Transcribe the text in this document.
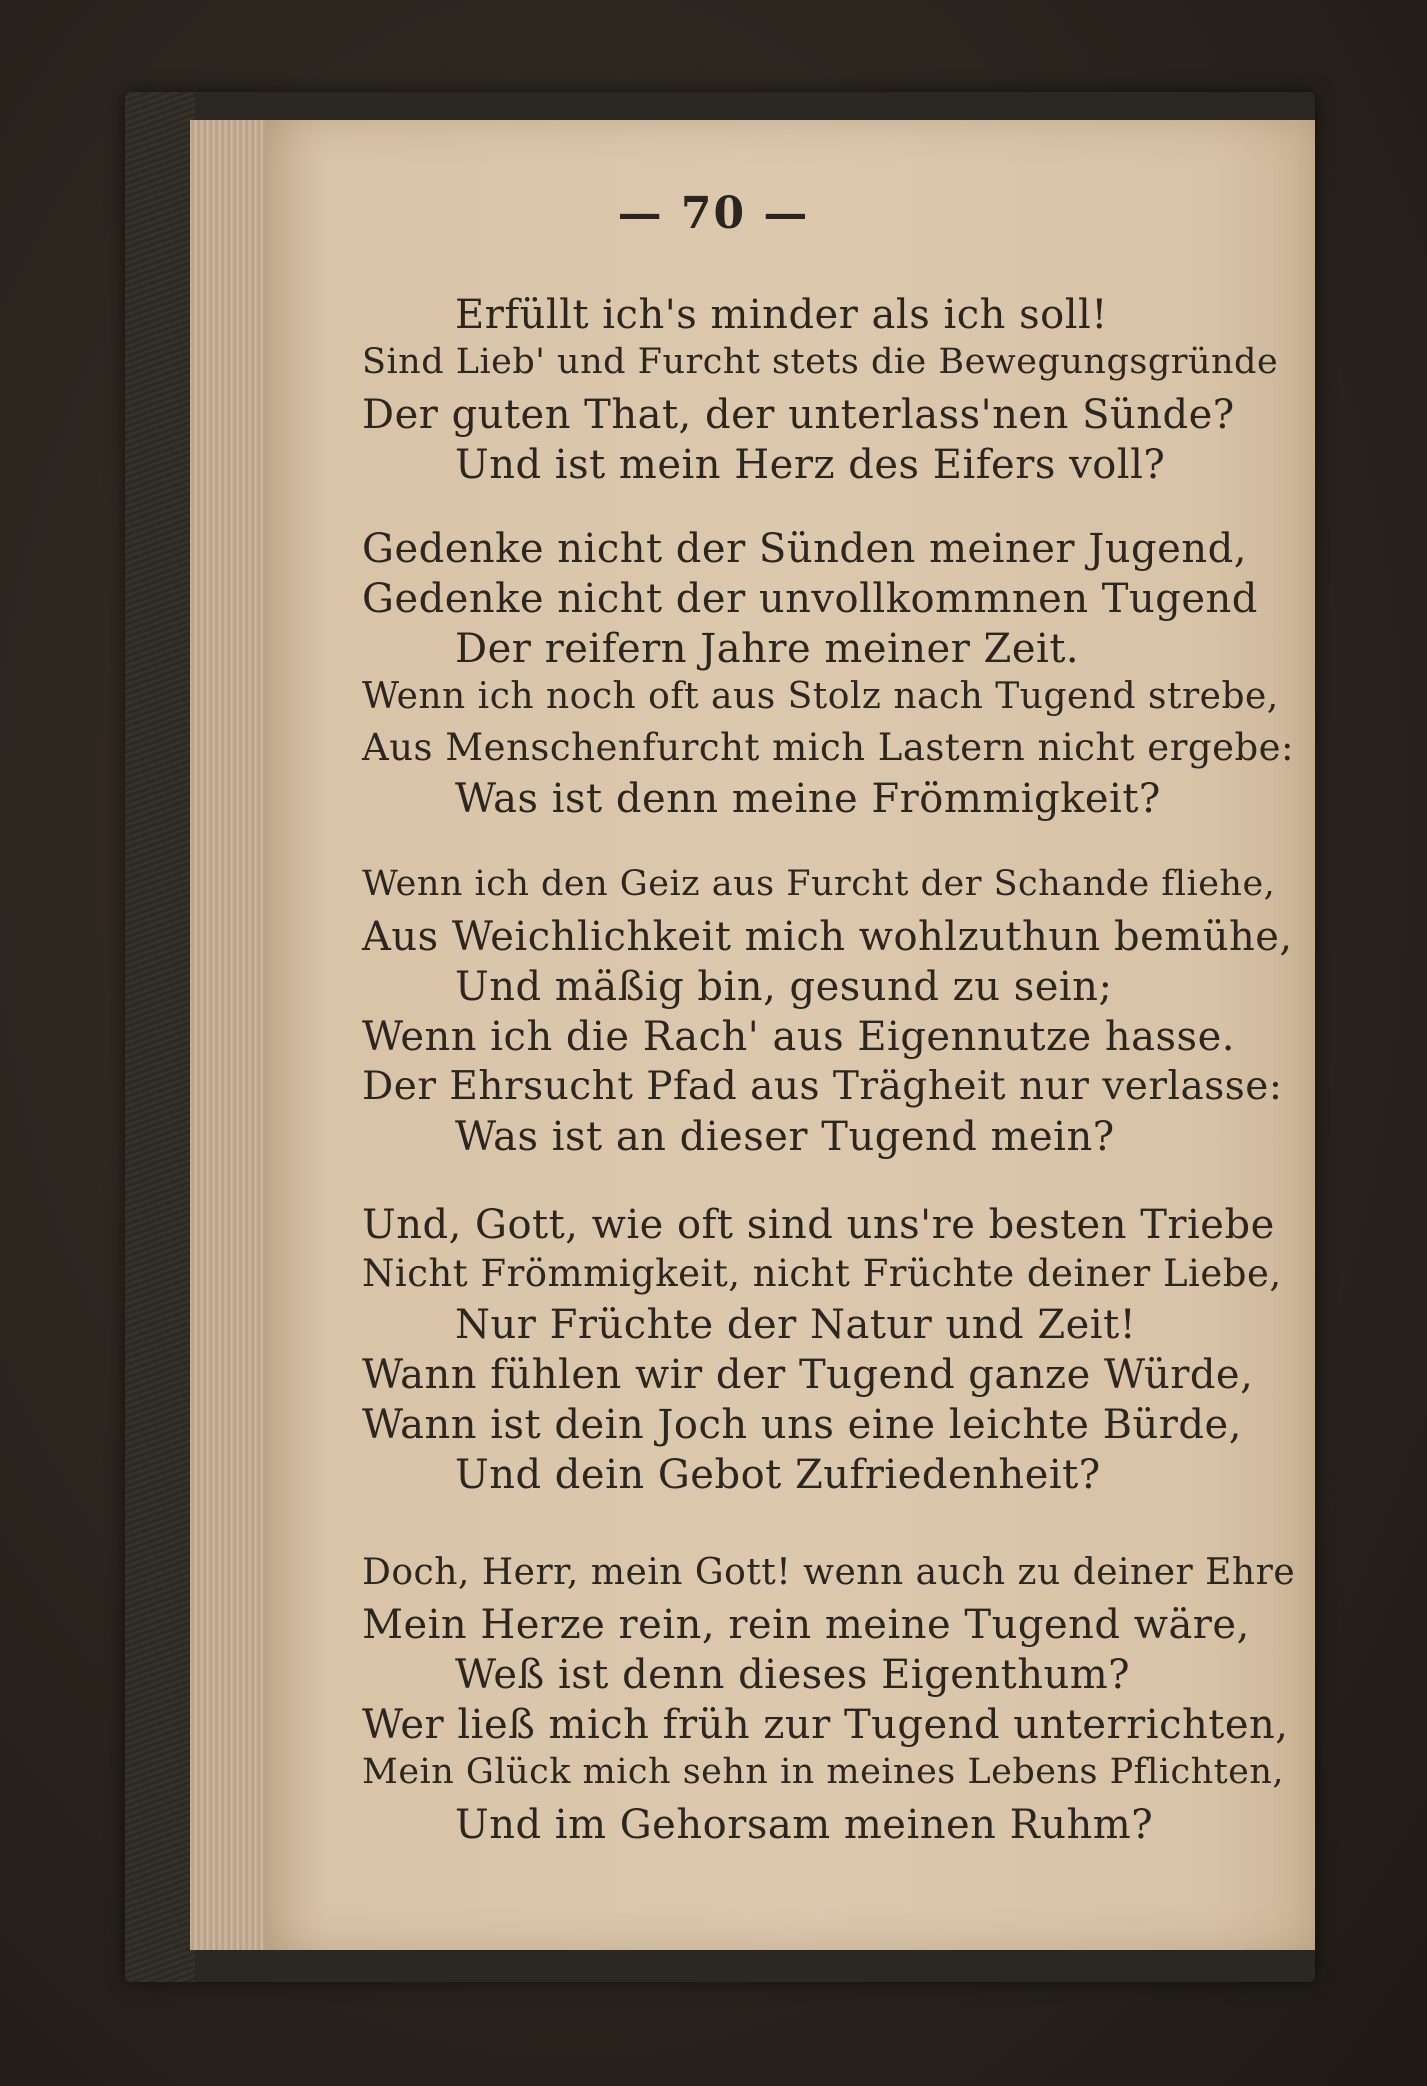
— 70 —
Erfüllt ich's minder als ich soll!
Sind Lieb' und Furcht stets die Bewegungsgründe
Der guten That, der unterlass'nen Sünde?
Und ist mein Herz des Eifers voll?
Gedenke nicht der Sünden meiner Jugend,
Gedenke nicht der unvollkommnen Tugend
Der reifern Jahre meiner Zeit.
Wenn ich noch oft aus Stolz nach Tugend strebe,
Aus Menschenfurcht mich Lastern nicht ergebe:
Was ist denn meine Frömmigkeit?
Wenn ich den Geiz aus Furcht der Schande fliehe,
Aus Weichlichkeit mich wohlzuthun bemühe,
Und mäßig bin, gesund zu sein;
Wenn ich die Rach' aus Eigennutze hasse.
Der Ehrsucht Pfad aus Trägheit nur verlasse:
Was ist an dieser Tugend mein?
Und, Gott, wie oft sind uns're besten Triebe
Nicht Frömmigkeit, nicht Früchte deiner Liebe,
Nur Früchte der Natur und Zeit!
Wann fühlen wir der Tugend ganze Würde,
Wann ist dein Joch uns eine leichte Bürde,
Und dein Gebot Zufriedenheit?
Doch, Herr, mein Gott! wenn auch zu deiner Ehre
Mein Herze rein, rein meine Tugend wäre,
Weß ist denn dieses Eigenthum?
Wer ließ mich früh zur Tugend unterrichten,
Mein Glück mich sehn in meines Lebens Pflichten,
Und im Gehorsam meinen Ruhm?
